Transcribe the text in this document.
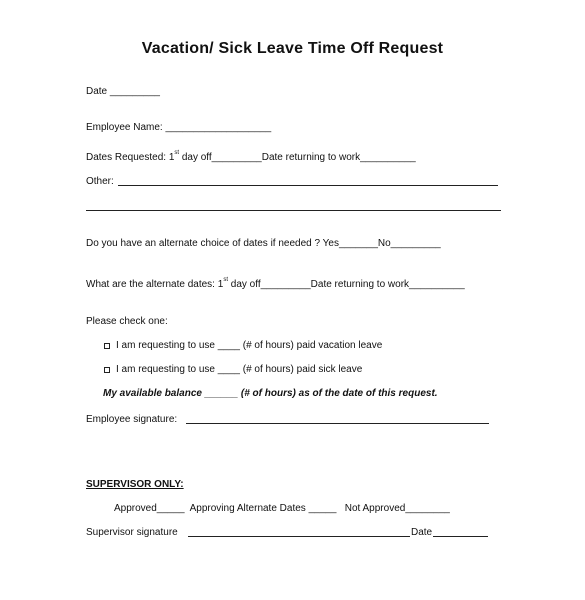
Vacation/ Sick Leave Time Off Request
Date _________
Employee Name: ___________________
Dates Requested: 1st day off_________Date returning to work__________
Other:
Do you have an alternate choice of dates if needed ? Yes_______No_________
What are the alternate dates: 1st day off_________Date returning to work__________
Please check one:
I am requesting to use ____ (# of hours) paid vacation leave
I am requesting to use ____ (# of hours) paid sick leave
My available balance ______ (# of hours) as of the date of this request.
Employee signature:
SUPERVISOR ONLY:
Approved_____  Approving Alternate Dates _____   Not Approved________
Supervisor signature	Date
